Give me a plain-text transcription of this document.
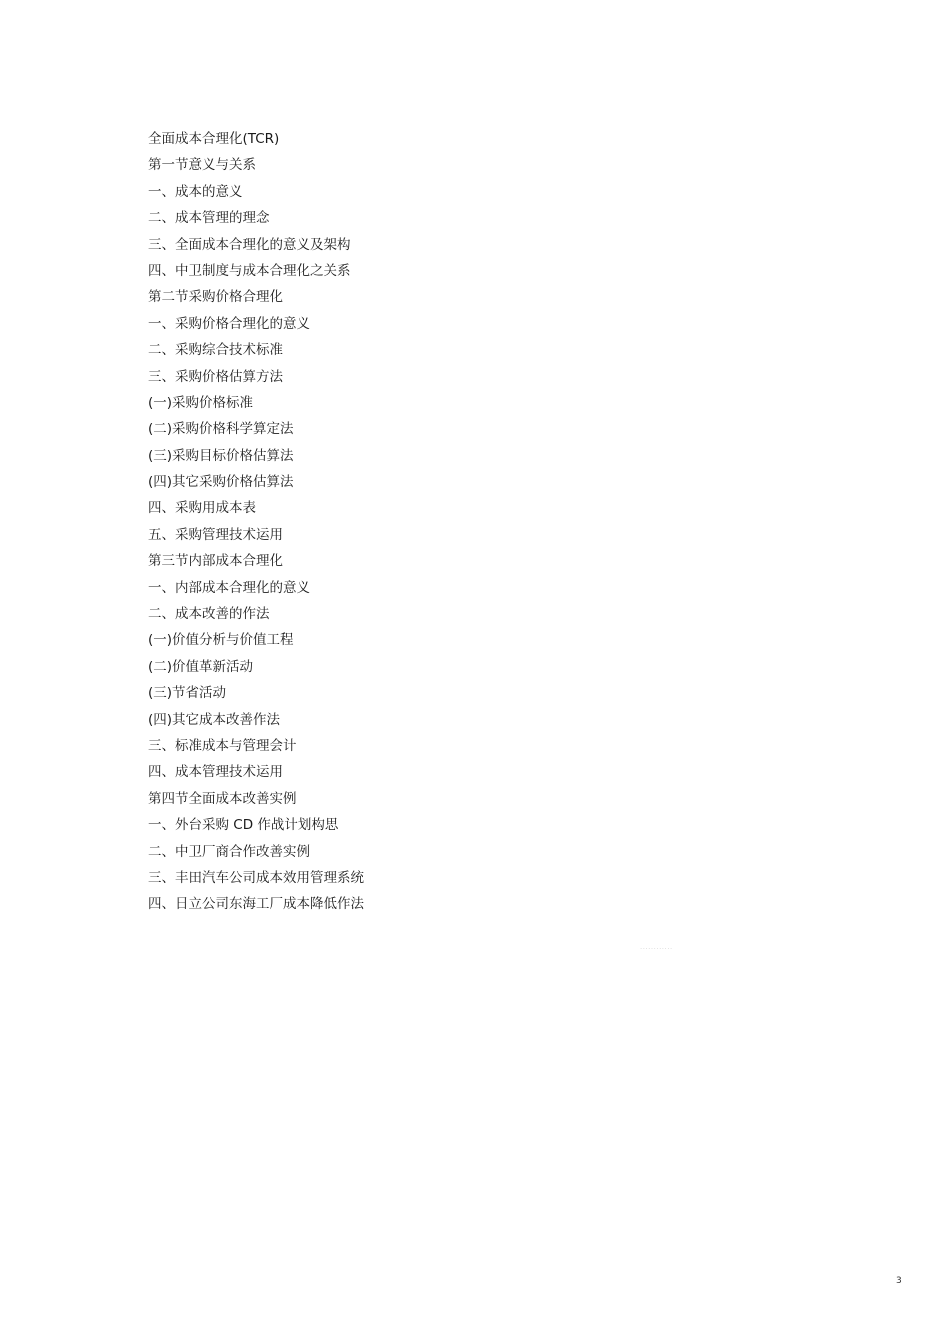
全面成本合理化(TCR)
第一节意义与关系
一、成本的意义
二、成本管理的理念
三、全面成本合理化的意义及架构
四、中卫制度与成本合理化之关系
第二节采购价格合理化
一、采购价格合理化的意义
二、采购综合技术标准
三、采购价格估算方法
(一)采购价格标准
(二)采购价格科学算定法
(三)采购目标价格估算法
(四)其它采购价格估算法
四、采购用成本表
五、采购管理技术运用
第三节内部成本合理化
一、内部成本合理化的意义
二、成本改善的作法
(一)价值分析与价值工程
(二)价值革新活动
(三)节省活动
(四)其它成本改善作法
三、标准成本与管理会计
四、成本管理技术运用
第四节全面成本改善实例
一、外台采购 CD 作战计划构思
二、中卫厂商合作改善实例
三、丰田汽车公司成本效用管理系统
四、日立公司东海工厂成本降低作法
............
3
